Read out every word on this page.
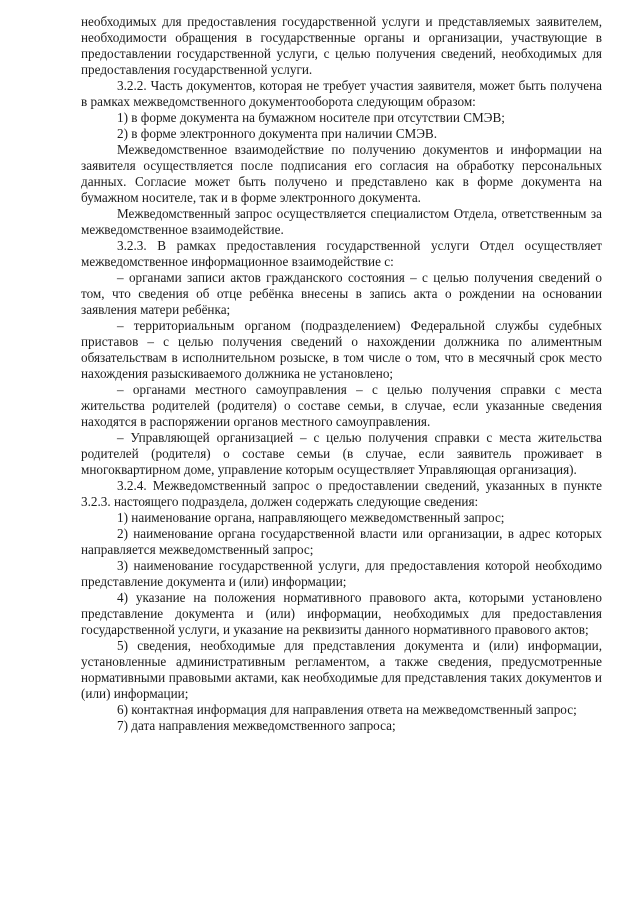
необходимых для предоставления государственной услуги и представляемых заявителем, необходимости обращения в государственные органы и организации, участвующие в предоставлении государственной услуги, с целью получения сведений, необходимых для предоставления государственной услуги.

3.2.2. Часть документов, которая не требует участия заявителя, может быть получена в рамках межведомственного документооборота следующим образом:

1) в форме документа на бумажном носителе при отсутствии СМЭВ;

2) в форме электронного документа при наличии СМЭВ.

Межведомственное взаимодействие по получению документов и информации на заявителя осуществляется после подписания его согласия на обработку персональных данных. Согласие может быть получено и представлено как в форме документа на бумажном носителе, так и в форме электронного документа.

Межведомственный запрос осуществляется специалистом Отдела, ответственным за межведомственное взаимодействие.

3.2.3. В рамках предоставления государственной услуги Отдел осуществляет межведомственное информационное взаимодействие с:

– органами записи актов гражданского состояния – с целью получения сведений о том, что сведения об отце ребёнка внесены в запись акта о рождении на основании заявления матери ребёнка;

– территориальным органом (подразделением) Федеральной службы судебных приставов – с целью получения сведений о нахождении должника по алиментным обязательствам в исполнительном розыске, в том числе о том, что в месячный срок место нахождения разыскиваемого должника не установлено;

– органами местного самоуправления – с целью получения справки с места жительства родителей (родителя) о составе семьи, в случае, если указанные сведения находятся в распоряжении органов местного самоуправления.

– Управляющей организацией – с целью получения справки с места жительства родителей (родителя) о составе семьи (в случае, если заявитель проживает в многоквартирном доме, управление которым осуществляет Управляющая организация).

3.2.4. Межведомственный запрос о предоставлении сведений, указанных в пункте 3.2.3. настоящего подраздела, должен содержать следующие сведения:

1) наименование органа, направляющего межведомственный запрос;

2) наименование органа государственной власти или организации, в адрес которых направляется межведомственный запрос;

3) наименование государственной услуги, для предоставления которой необходимо представление документа и (или) информации;

4) указание на положения нормативного правового акта, которыми установлено представление документа и (или) информации, необходимых для предоставления государственной услуги, и указание на реквизиты данного нормативного правового актов;

5) сведения, необходимые для представления документа и (или) информации, установленные административным регламентом, а также сведения, предусмотренные нормативными правовыми актами, как необходимые для представления таких документов и (или) информации;

6) контактная информация для направления ответа на межведомственный запрос;

7) дата направления межведомственного запроса;
